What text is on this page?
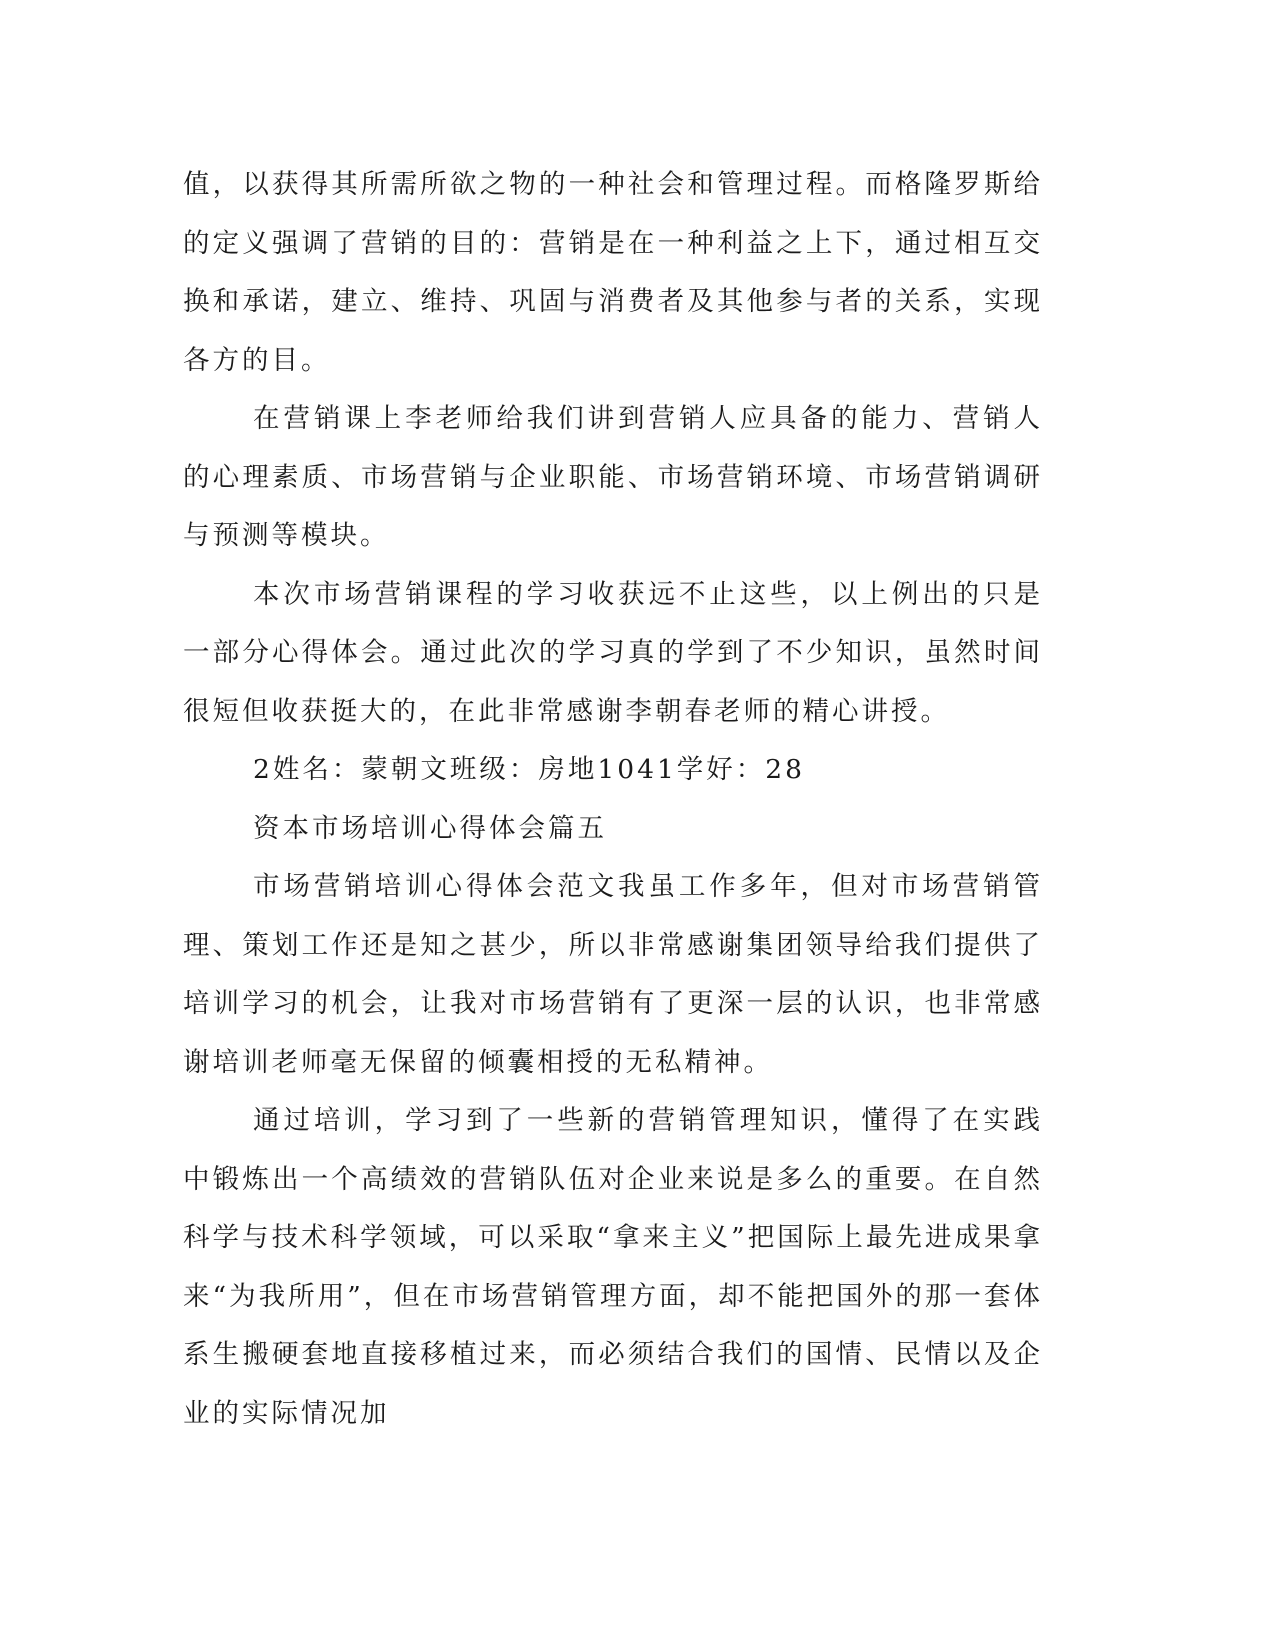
值，以获得其所需所欲之物的一种社会和管理过程。而格隆罗斯给的定义强调了营销的目的：营销是在一种利益之上下，通过相互交换和承诺，建立、维持、巩固与消费者及其他参与者的关系，实现各方的目。

在营销课上李老师给我们讲到营销人应具备的能力、营销人的心理素质、市场营销与企业职能、市场营销环境、市场营销调研与预测等模块。

本次市场营销课程的学习收获远不止这些，以上例出的只是一部分心得体会。通过此次的学习真的学到了不少知识，虽然时间很短但收获挺大的，在此非常感谢李朝春老师的精心讲授。

2姓名：蒙朝文班级：房地1041学好：28

资本市场培训心得体会篇五

市场营销培训心得体会范文我虽工作多年，但对市场营销管理、策划工作还是知之甚少，所以非常感谢集团领导给我们提供了培训学习的机会，让我对市场营销有了更深一层的认识，也非常感谢培训老师毫无保留的倾囊相授的无私精神。

通过培训，学习到了一些新的营销管理知识，懂得了在实践中锻炼出一个高绩效的营销队伍对企业来说是多么的重要。在自然科学与技术科学领域，可以采取“拿来主义”把国际上最先进成果拿来“为我所用”，但在市场营销管理方面，却不能把国外的那一套体系生搬硬套地直接移植过来，而必须结合我们的国情、民情以及企业的实际情况加
